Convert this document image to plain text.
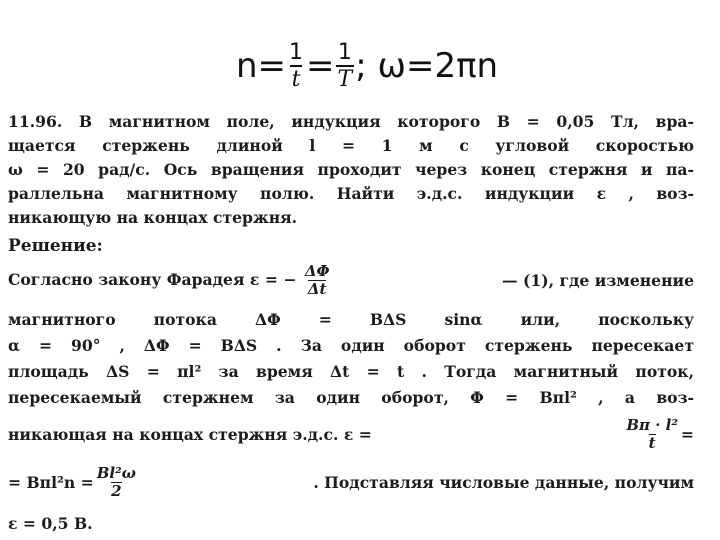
$n= \frac{1}{t} = \frac{1}{T}$ ; ω=2πn
11.96. В магнитном поле, индукция которого B = 0,05 Тл, вра-
щается стержень длиной l = 1 м с угловой скоростью
ω = 20 рад/с. Ось вращения проходит через конец стержня и па-
раллельна магнитному полю. Найти э.д.с. индукции ε , воз-
никающую на концах стержня.
Решение:
Согласно закону Фарадея ε = − $\frac{\Delta\Phi}{\Delta t}$	— (1), где изменение
магнитного потока ΔΦ = BΔS sinα или, поскольку
α = 90° , ΔΦ = BΔS . За один оборот стержень пересекает
площадь ΔS = πl² за время Δt = t . Тогда магнитный поток,
пересекаемый стержнем за один оборот, Φ = Bπl² , а воз-
никающая на концах стержня э.д.с. ε =	$\frac{\text{Bπ · l²}}{t}$ =
= $B\pi l^2n = \frac{\text{Bl²ω}}{2}$	. Подставляя числовые данные, получим
ε = 0,5 В.
